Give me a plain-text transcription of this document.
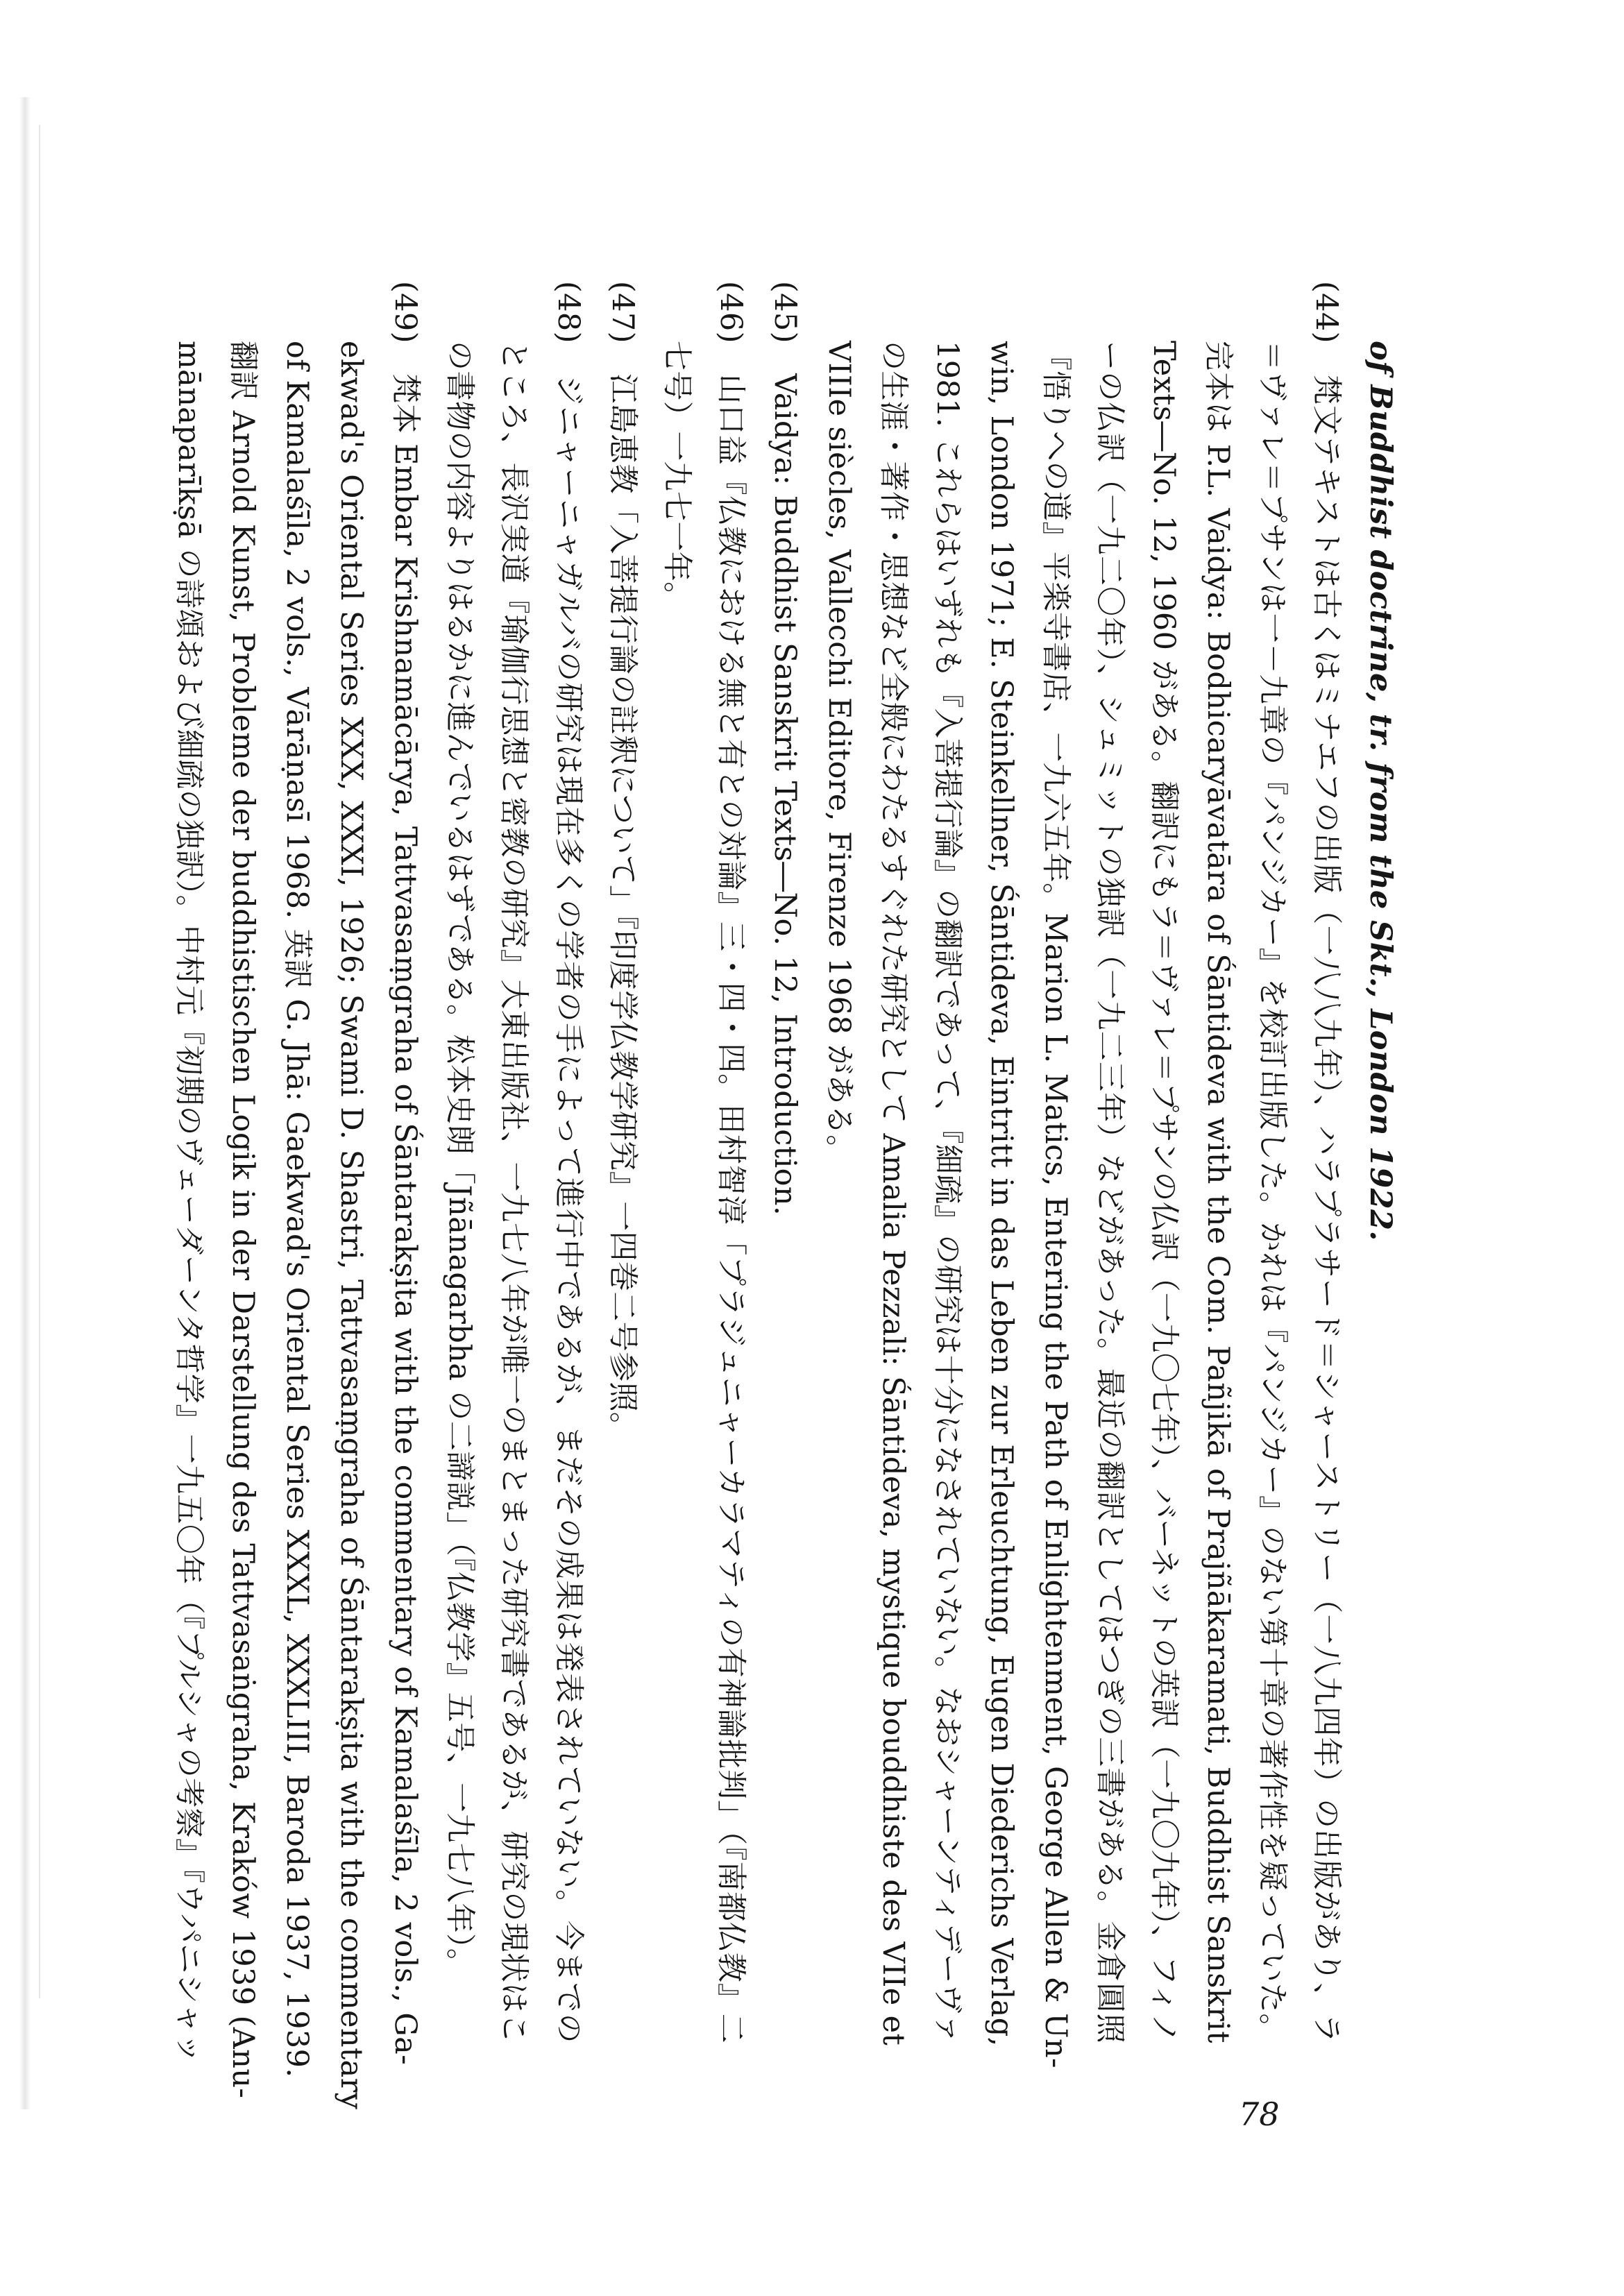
of Buddhist doctrine, tr. from the Skt., London 1922.
(44)　梵文テキストは古くはミナエフの出版（一八八九年）、ハラプラサード＝シャーストリー（一八九四年）の出版があり、ラ
＝ヴァレ＝プサンは一－九章の『パンジカー』を校訂出版した。かれは『パンジカー』のない第十章の著作性を疑っていた。
完本は P.L. Vaidya: Bodhicaryāvatāra of Śāntideva with the Com. Pañjikā of Prajñākaramati, Buddhist Sanskrit
Texts―No. 12, 1960 がある。翻訳にもラ＝ヴァレ＝プサンの仏訳（一九〇七年）、バーネットの英訳（一九〇九年）、フィノ
ーの仏訳（一九二〇年）、シュミットの独訳（一九二三年）などがあった。最近の翻訳としてはつぎの三書がある。金倉圓照
『悟りへの道』平楽寺書店、一九六五年。Marion L. Matics, Entering the Path of Enlightenment, George Allen & Un-
win, London 1971; E. Steinkellner, Śāntideva, Eintritt in das Leben zur Erleuchtung, Eugen Diederichs Verlag,
1981. これらはいずれも『入菩提行論』の翻訳であって、『細疏』の研究は十分になされていない。なおシャーンティデーヴァ
の生涯・著作・思想など全般にわたるすぐれた研究として Amalia Pezzali: Śāntideva, mystique bouddhiste des VIIe et
VIIIe siècles, Vallecchi Editore, Firenze 1968 がある。
(45)　Vaidya: Buddhist Sanskrit Texts―No. 12, Introduction.
(46)　山口益『仏教における無と有との対論』三・四・四。田村智淳「プラジュニャーカラマティの有神論批判」（『南都仏教』二
七号）一九七一年。
(47)　江島恵教「入菩提行論の註釈について」『印度学仏教学研究』一四巻二号参照。
(48)　ジニャーニャガルバの研究は現在多くの学者の手によって進行中であるが、まだその成果は発表されていない。今までの
ところ、長沢実道『瑜伽行思想と密教の研究』大東出版社、一九七八年が唯一のまとまった研究書であるが、研究の現状はこ
の書物の内容よりはるかに進んでいるはずである。松本史朗「Jñānagarbha の二諦説」（『仏教学』五号、一九七八年）。
(49)　梵本 Embar Krishnamācārya, Tattvasaṃgraha of Śāntarakṣita with the commentary of Kamalaśīla, 2 vols., Ga-
ekwad's Oriental Series XXX, XXXI, 1926; Swami D. Shastri, Tattvasaṃgraha of Śāntarakṣita with the commentary
of Kamalaśīla, 2 vols., Vārāṇasī 1968. 英訳 G. Jhā: Gaekwad's Oriental Series XXXL, XXXLIII, Baroda 1937, 1939.
翻訳 Arnold Kunst, Probleme der buddhistischen Logik in der Darstellung des Tattvasaṅgraha, Kraków 1939 (Anu-
mānaparīkṣā の詩頌および細疏の独訳）。中村元『初期のヴェーダーンタ哲学』一九五〇年（『プルシャの考察』『ウパニシャッ
78
